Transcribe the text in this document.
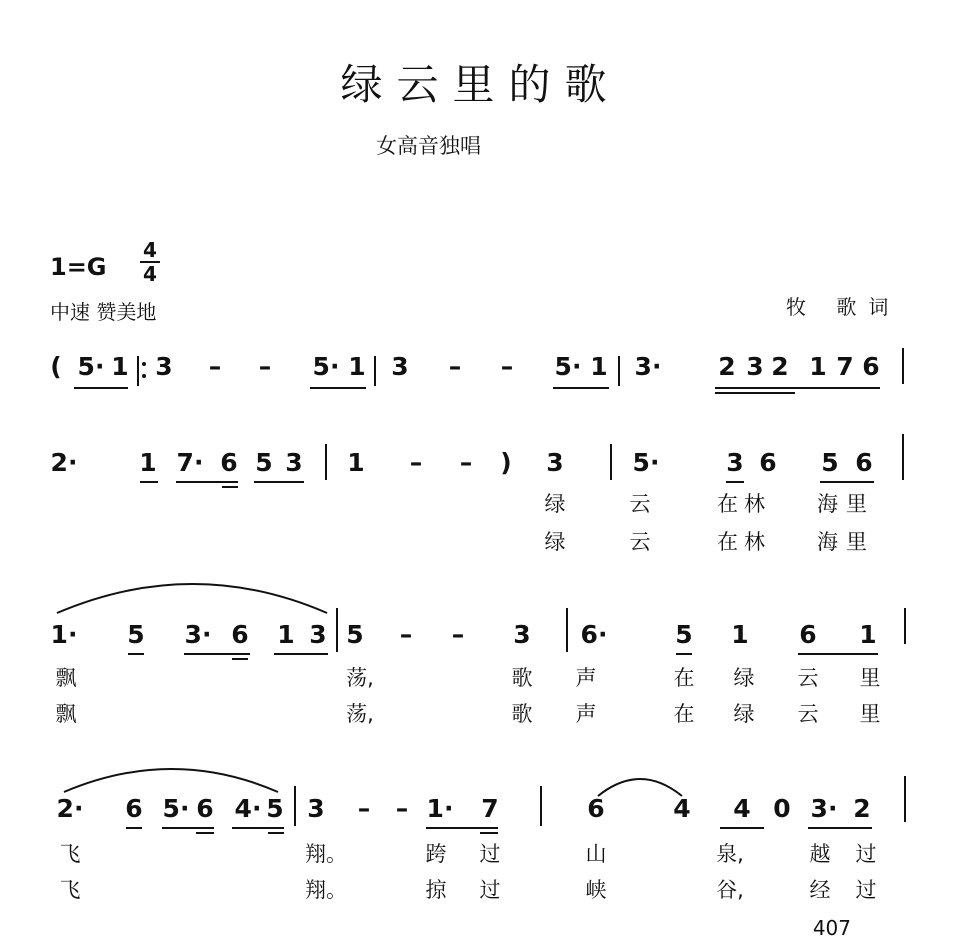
绿云里的歌
女高音独唱
1=G
4
4
中速 赞美地	牧 歌词
( 5· 1 3 – – 5· 1 3 – – 5· 1 3· 2 3 2 1 7 6
2· 1 7· 6 5 3 1 – – ) 3	5·	3 6 5 6
绿	云	在林 海里
绿	云	在林 海里
1· 5 3· 6 1 3 5 – – 3 6·	5 1 6 1
飘	荡,	歌 声	在 绿 云 里
飘	荡,	歌 声	在 绿 云 里
2· 6 5· 6 4· 5 3 – – 1· 7	6	4 4 0 3· 2
飞	翔。	跨 过	山	泉,	越 过
飞	翔。	掠 过	峡	谷,	经 过
407
